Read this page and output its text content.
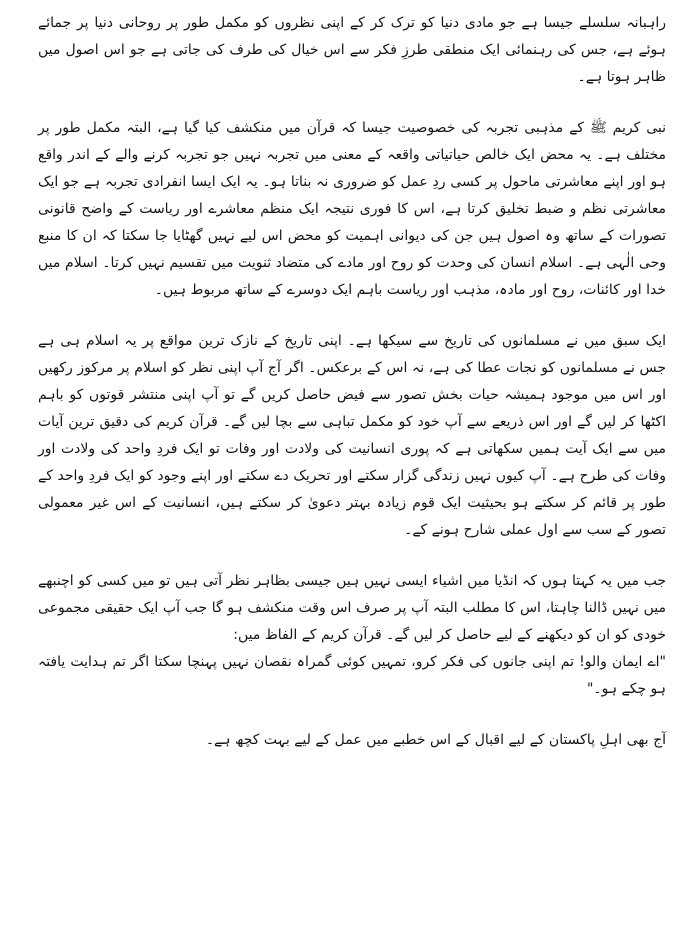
راہبانہ سلسلے جیسا ہے جو مادی دنیا کو ترک کر کے اپنی نظروں کو مکمل طور پر روحانی دنیا پر جمائے ہوئے ہے، جس کی رہنمائی ایک منطقی طرزِ فکر سے اس خیال کی طرف کی جاتی ہے جو اس اصول میں ظاہر ہوتا ہے۔

نبی کریم ﷺ کے مذہبی تجربہ کی خصوصیت جیسا کہ قرآن میں منکشف کیا گیا ہے، البتہ مکمل طور پر مختلف ہے۔ یہ محض ایک خالص حیاتیاتی واقعہ کے معنی میں تجربہ نہیں جو تجربہ کرنے والے کے اندر واقع ہو اور اپنے معاشرتی ماحول پر کسی ردِ عمل کو ضروری نہ بناتا ہو۔ یہ ایک ایسا انفرادی تجربہ ہے جو ایک معاشرتی نظم و ضبط تخلیق کرتا ہے، اس کا فوری نتیجہ ایک منظم معاشرے اور ریاست کے واضح قانونی تصورات کے ساتھ وہ اصول ہیں جن کی دیوانی اہمیت کو محض اس لیے نہیں گھٹایا جا سکتا کہ ان کا منبع وحی الٰہی ہے۔ اسلام انسان کی وحدت کو روح اور مادے کی متضاد ثنویت میں تقسیم نہیں کرتا۔ اسلام میں خدا اور کائنات، روح اور مادہ، مذہب اور ریاست باہم ایک دوسرے کے ساتھ مربوط ہیں۔

ایک سبق میں نے مسلمانوں کی تاریخ سے سیکھا ہے۔ اپنی تاریخ کے نازک ترین مواقع پر یہ اسلام ہی ہے جس نے مسلمانوں کو نجات عطا کی ہے، نہ اس کے برعکس۔ اگر آج آپ اپنی نظر کو اسلام پر مرکوز رکھیں اور اس میں موجود ہمیشہ حیات بخش تصور سے فیض حاصل کریں گے تو آپ اپنی منتشر قوتوں کو باہم اکٹھا کر لیں گے اور اس ذریعے سے آپ خود کو مکمل تباہی سے بچا لیں گے۔ قرآن کریم کی دقیق ترین آیات میں سے ایک آیت ہمیں سکھاتی ہے کہ پوری انسانیت کی ولادت اور وفات تو ایک فردِ واحد کی ولادت اور وفات کی طرح ہے۔ آپ کیوں نہیں زندگی گزار سکتے اور تحریک دے سکتے اور اپنے وجود کو ایک فردِ واحد کے طور پر قائم کر سکتے ہو بحیثیت ایک قوم زیادہ بہتر دعویٰ کر سکتے ہیں، انسانیت کے اس غیر معمولی تصور کے سب سے اول عملی شارح ہونے کے۔

جب میں یہ کہتا ہوں کہ انڈیا میں اشیاء ایسی نہیں ہیں جیسی بظاہر نظر آتی ہیں تو میں کسی کو اچنبھے میں نہیں ڈالنا چاہتا، اس کا مطلب البتہ آپ پر صرف اس وقت منکشف ہو گا جب آپ ایک حقیقی مجموعی خودی کو ان کو دیکھنے کے لیے حاصل کر لیں گے۔ قرآن کریم کے الفاظ میں:

"اے ایمان والو! تم اپنی جانوں کی فکر کرو، تمہیں کوئی گمراہ نقصان نہیں پہنچا سکتا اگر تم ہدایت یافتہ ہو چکے ہو۔"

آج بھی اہلِ پاکستان کے لیے اقبال کے اس خطبے میں عمل کے لیے بہت کچھ ہے۔
